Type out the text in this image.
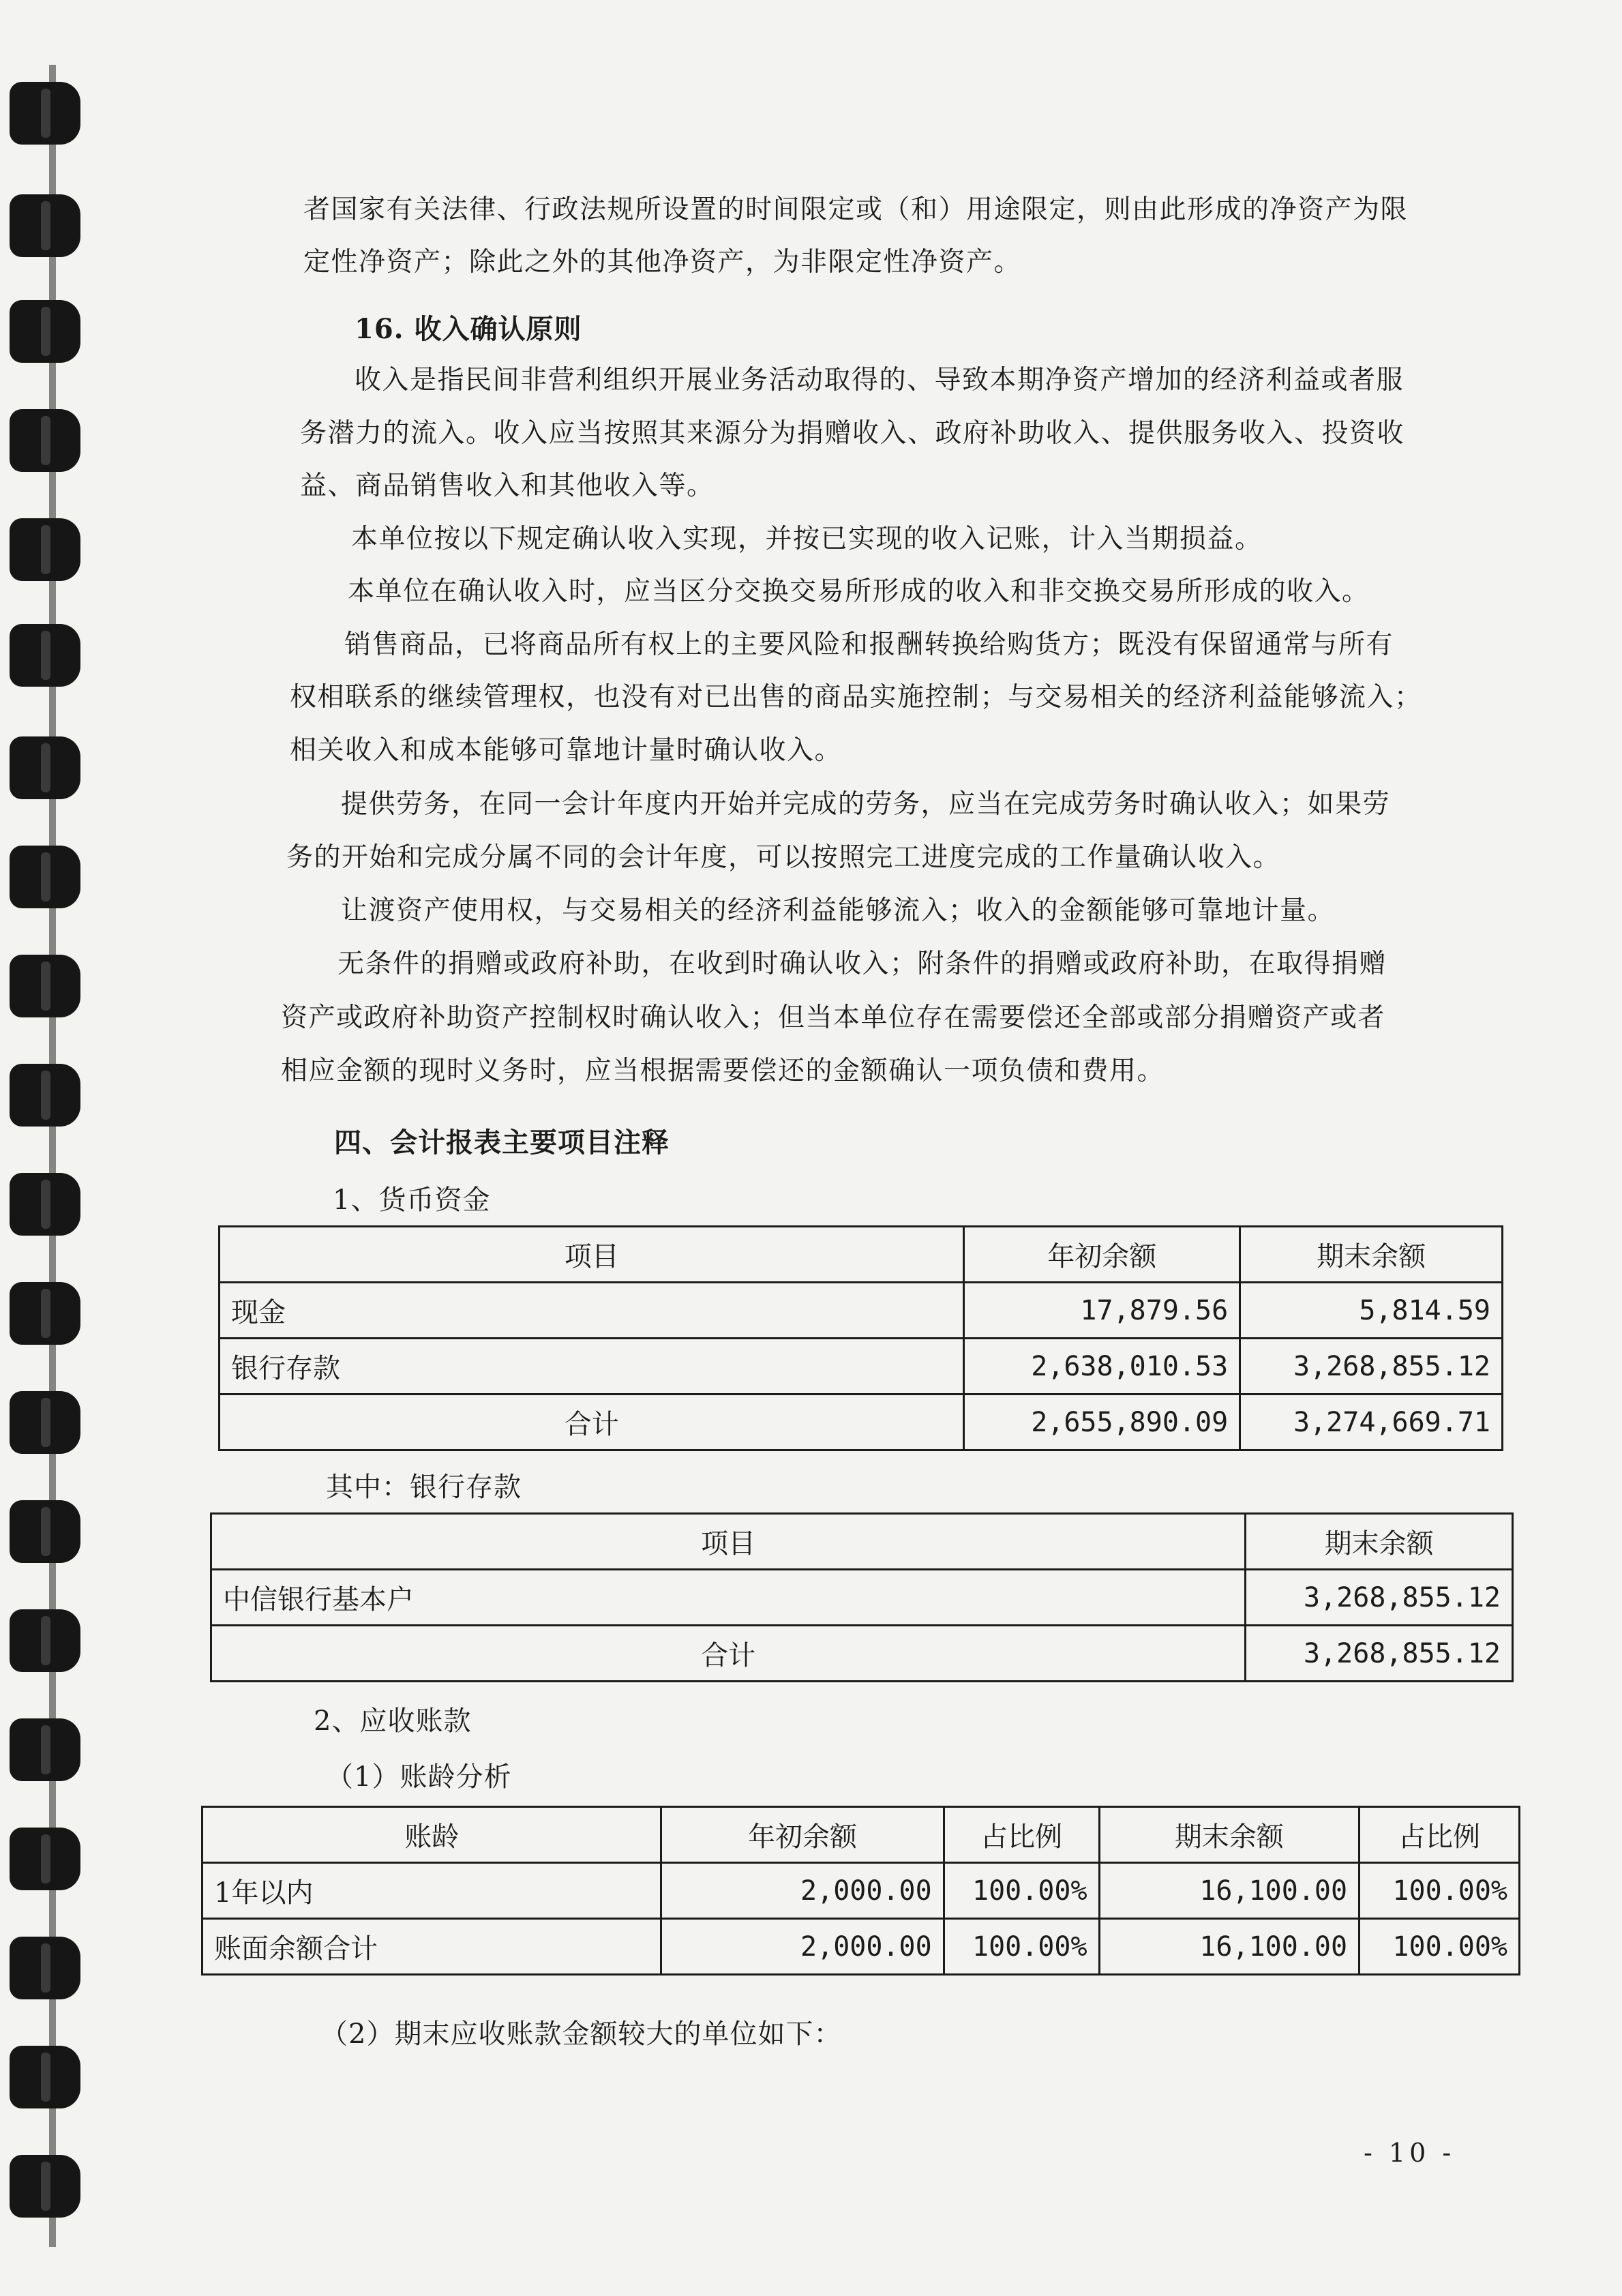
者国家有关法律、行政法规所设置的时间限定或（和）用途限定，则由此形成的净资产为限
定性净资产；除此之外的其他净资产，为非限定性净资产。
16. 收入确认原则
收入是指民间非营利组织开展业务活动取得的、导致本期净资产增加的经济利益或者服
务潜力的流入。收入应当按照其来源分为捐赠收入、政府补助收入、提供服务收入、投资收
益、商品销售收入和其他收入等。
本单位按以下规定确认收入实现，并按已实现的收入记账，计入当期损益。
本单位在确认收入时，应当区分交换交易所形成的收入和非交换交易所形成的收入。
销售商品，已将商品所有权上的主要风险和报酬转换给购货方；既没有保留通常与所有
权相联系的继续管理权，也没有对已出售的商品实施控制；与交易相关的经济利益能够流入；
相关收入和成本能够可靠地计量时确认收入。
提供劳务，在同一会计年度内开始并完成的劳务，应当在完成劳务时确认收入；如果劳
务的开始和完成分属不同的会计年度，可以按照完工进度完成的工作量确认收入。
让渡资产使用权，与交易相关的经济利益能够流入；收入的金额能够可靠地计量。
无条件的捐赠或政府补助，在收到时确认收入；附条件的捐赠或政府补助，在取得捐赠
资产或政府补助资产控制权时确认收入；但当本单位存在需要偿还全部或部分捐赠资产或者
相应金额的现时义务时，应当根据需要偿还的金额确认一项负债和费用。
四、会计报表主要项目注释
1、货币资金
项目	年初余额	期末余额
现金	17,879.56	5,814.59
银行存款	2,638,010.53	3,268,855.12
合计	2,655,890.09	3,274,669.71
其中：银行存款
项目	期末余额
中信银行基本户	3,268,855.12
合计	3,268,855.12
2、应收账款
（1）账龄分析
账龄	年初余额	占比例	期末余额	占比例
1年以内	2,000.00	100.00%	16,100.00	100.00%
账面余额合计	2,000.00	100.00%	16,100.00	100.00%
（2）期末应收账款金额较大的单位如下：
- 10 -
